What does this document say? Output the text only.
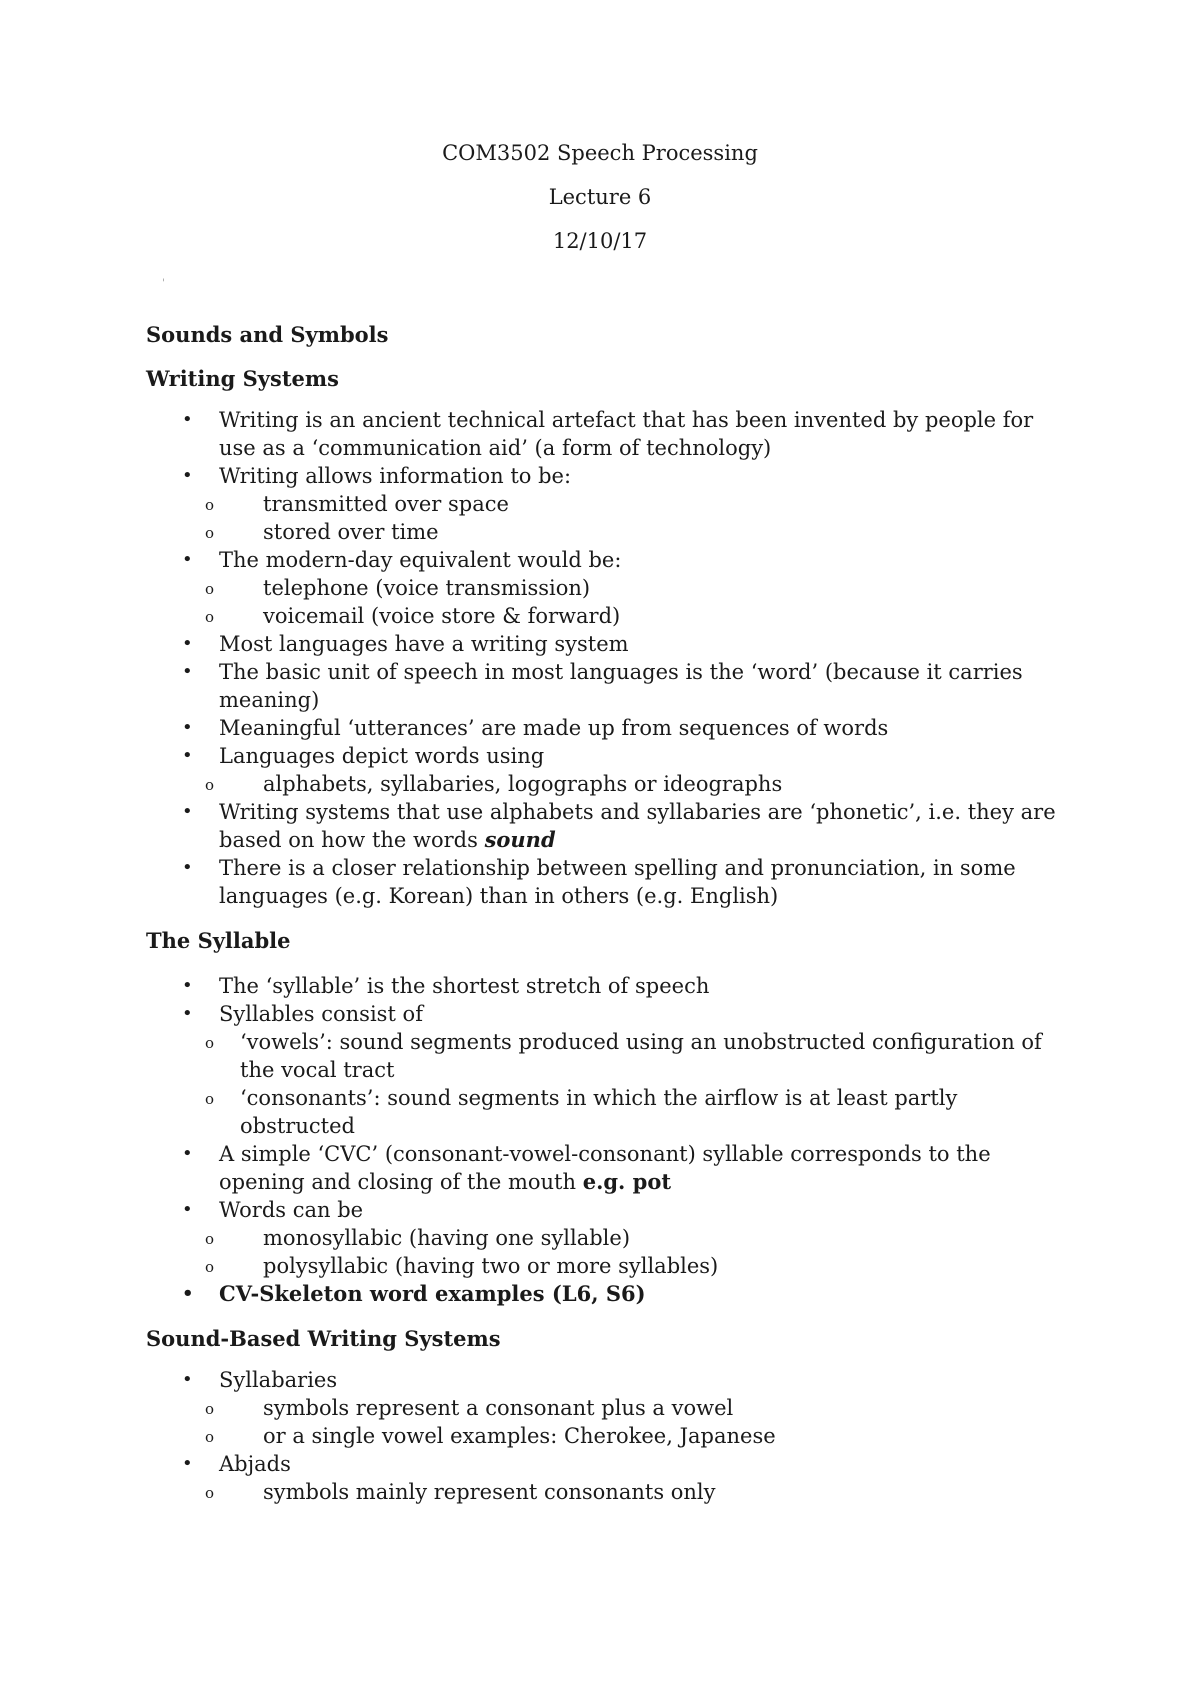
COM3502 Speech Processing
Lecture 6
12/10/17
'
Sounds and Symbols
Writing Systems
• Writing is an ancient technical artefact that has been invented by people for use as a ‘communication aid’ (a form of technology)
• Writing allows information to be:
o transmitted over space
o stored over time
• The modern-day equivalent would be:
o telephone (voice transmission)
o voicemail (voice store & forward)
• Most languages have a writing system
• The basic unit of speech in most languages is the ‘word’ (because it carries meaning)
• Meaningful ‘utterances’ are made up from sequences of words
• Languages depict words using
o alphabets, syllabaries, logographs or ideographs
• Writing systems that use alphabets and syllabaries are ‘phonetic’, i.e. they are based on how the words sound
• There is a closer relationship between spelling and pronunciation, in some languages (e.g. Korean) than in others (e.g. English)
The Syllable
• The ‘syllable’ is the shortest stretch of speech
• Syllables consist of
o ‘vowels’: sound segments produced using an unobstructed configuration of the vocal tract
o ‘consonants’: sound segments in which the airflow is at least partly obstructed
• A simple ‘CVC’ (consonant-vowel-consonant) syllable corresponds to the opening and closing of the mouth e.g. pot
• Words can be
o monosyllabic (having one syllable)
o polysyllabic (having two or more syllables)
• CV-Skeleton word examples (L6, S6)
Sound-Based Writing Systems
• Syllabaries
o symbols represent a consonant plus a vowel
o or a single vowel examples: Cherokee, Japanese
• Abjads
o symbols mainly represent consonants only
